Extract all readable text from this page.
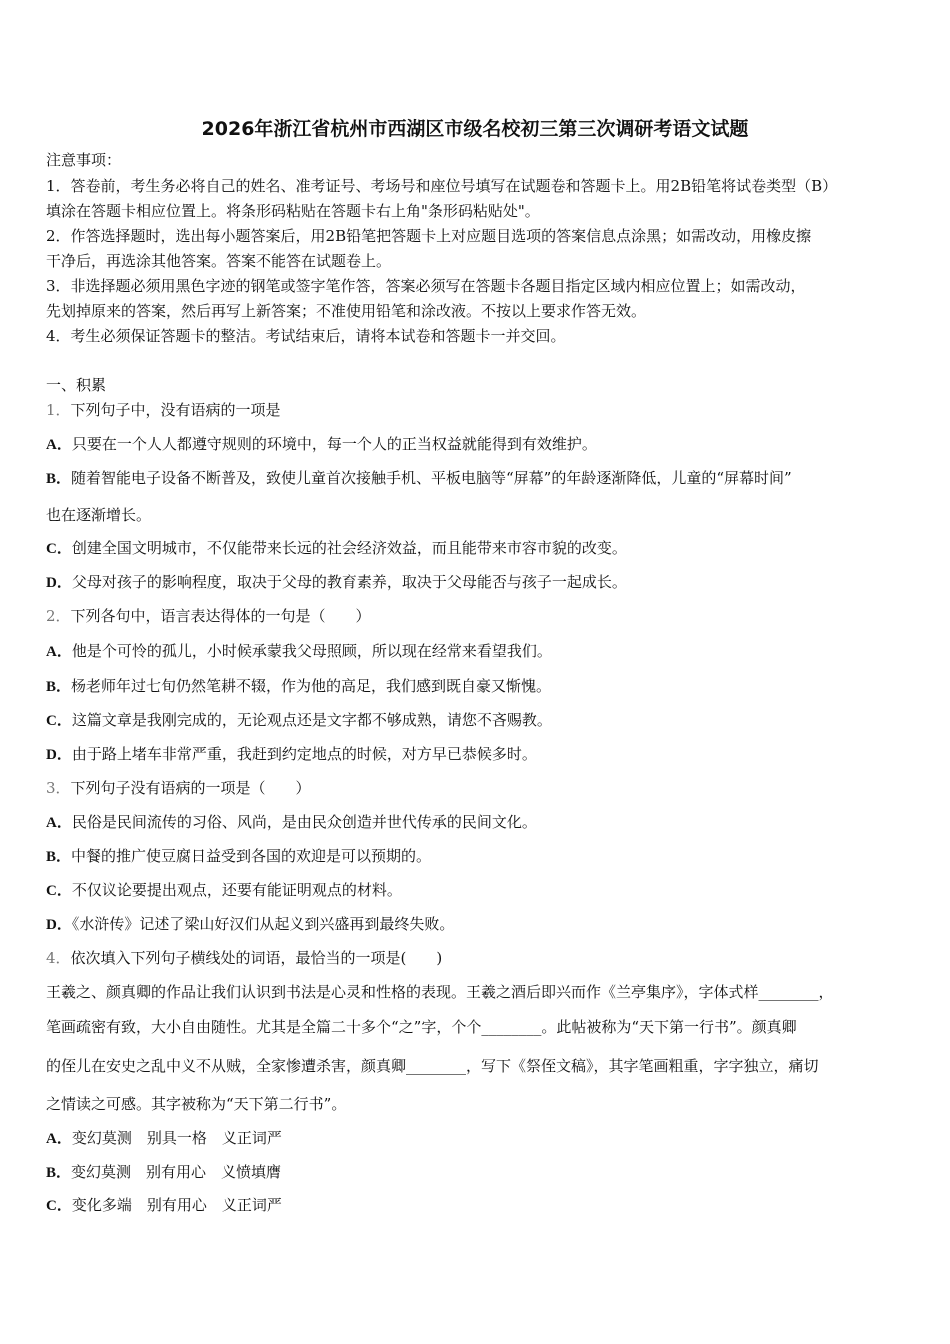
2026年浙江省杭州市西湖区市级名校初三第三次调研考语文试题
注意事项：
1．答卷前，考生务必将自己的姓名、准考证号、考场号和座位号填写在试题卷和答题卡上。用2B铅笔将试卷类型（B）
填涂在答题卡相应位置上。将条形码粘贴在答题卡右上角"条形码粘贴处"。
2．作答选择题时，选出每小题答案后，用2B铅笔把答题卡上对应题目选项的答案信息点涂黑；如需改动，用橡皮擦
干净后，再选涂其他答案。答案不能答在试题卷上。
3．非选择题必须用黑色字迹的钢笔或签字笔作答，答案必须写在答题卡各题目指定区域内相应位置上；如需改动，
先划掉原来的答案，然后再写上新答案；不准使用铅笔和涂改液。不按以上要求作答无效。
4．考生必须保证答题卡的整洁。考试结束后，请将本试卷和答题卡一并交回。
一、积累
1．下列句子中，没有语病的一项是
A．只要在一个人人都遵守规则的环境中，每一个人的正当权益就能得到有效维护。
B．随着智能电子设备不断普及，致使儿童首次接触手机、平板电脑等“屏幕”的年龄逐渐降低，儿童的“屏幕时间”
也在逐渐增长。
C．创建全国文明城市，不仅能带来长远的社会经济效益，而且能带来市容市貌的改变。
D．父母对孩子的影响程度，取决于父母的教育素养，取决于父母能否与孩子一起成长。
2．下列各句中，语言表达得体的一句是（　　）
A．他是个可怜的孤儿，小时候承蒙我父母照顾，所以现在经常来看望我们。
B．杨老师年过七旬仍然笔耕不辍，作为他的高足，我们感到既自豪又惭愧。
C．这篇文章是我刚完成的，无论观点还是文字都不够成熟，请您不吝赐教。
D．由于路上堵车非常严重，我赶到约定地点的时候，对方早已恭候多时。
3．下列句子没有语病的一项是（　　）
A．民俗是民间流传的习俗、风尚，是由民众创造并世代传承的民间文化。
B．中餐的推广使豆腐日益受到各国的欢迎是可以预期的。
C．不仅议论要提出观点，还要有能证明观点的材料。
D．《水浒传》记述了梁山好汉们从起义到兴盛再到最终失败。
4．依次填入下列句子横线处的词语，最恰当的一项是(　　)
王羲之、颜真卿的作品让我们认识到书法是心灵和性格的表现。王羲之酒后即兴而作《兰亭集序》，字体式样________，
笔画疏密有致，大小自由随性。尤其是全篇二十多个“之”字，个个________。此帖被称为“天下第一行书”。颜真卿
的侄儿在安史之乱中义不从贼，全家惨遭杀害，颜真卿________，写下《祭侄文稿》，其字笔画粗重，字字独立，痛切
之情读之可感。其字被称为“天下第二行书”。
A．变幻莫测　别具一格　义正词严
B．变幻莫测　别有用心　义愤填膺
C．变化多端　别有用心　义正词严
